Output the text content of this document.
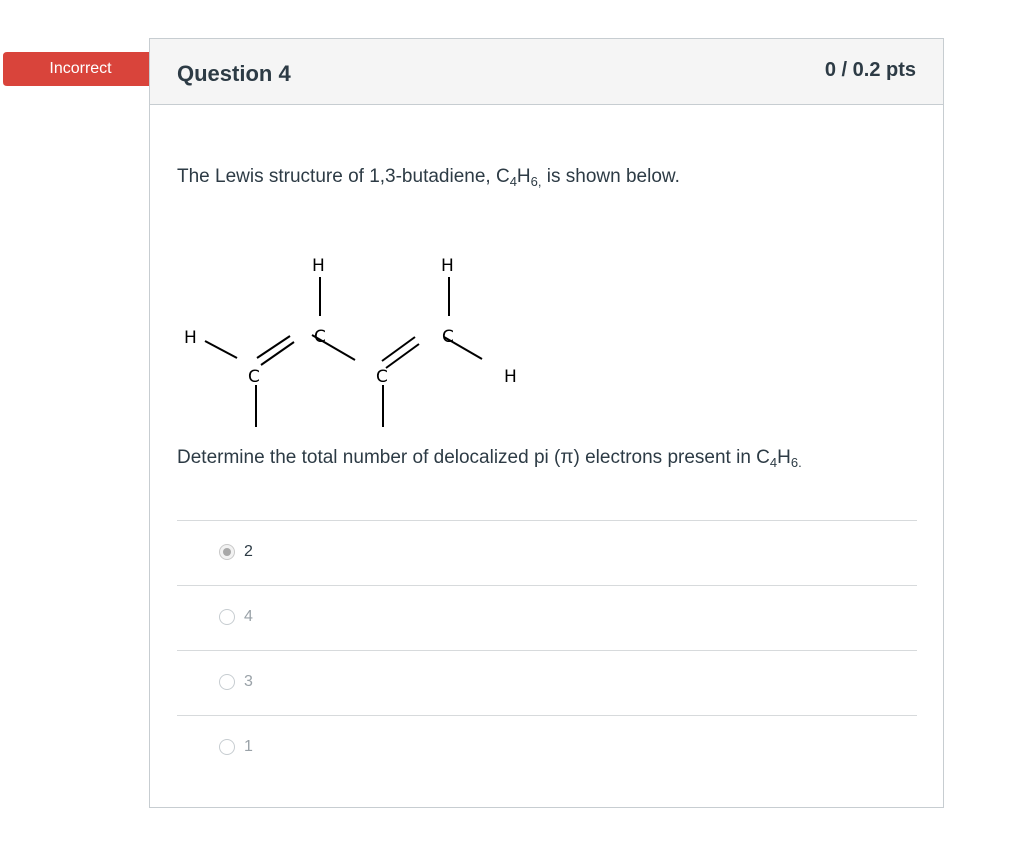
Incorrect	Question 4	0 / 0.2 pts
The Lewis structure of 1,3-butadiene, $C_4H_{6,}$ is shown below.
H	H
H	C	C
C	C	H
Determine the total number of delocalized pi (π) electrons present in $C_4H_{6.}$
2
4
3
1
